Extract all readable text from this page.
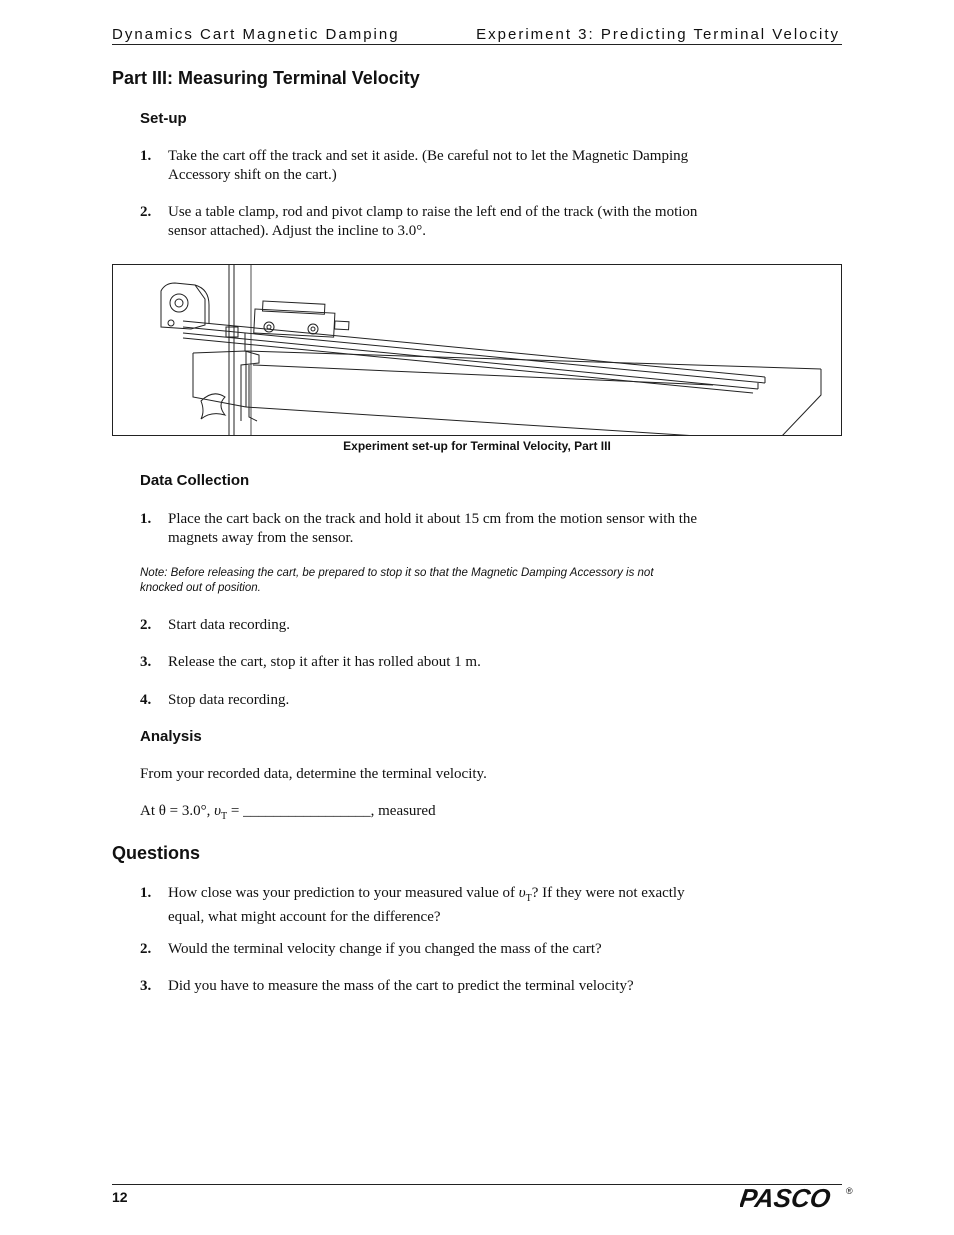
Dynamics Cart Magnetic Damping	Experiment 3: Predicting Terminal Velocity
Part III: Measuring Terminal Velocity
Set-up
1. Take the cart off the track and set it aside. (Be careful not to let the Magnetic Damping Accessory shift on the cart.)
2. Use a table clamp, rod and pivot clamp to raise the left end of the track (with the motion sensor attached). Adjust the incline to 3.0°.
Experiment set-up for Terminal Velocity, Part III
Data Collection
1. Place the cart back on the track and hold it about 15 cm from the motion sensor with the magnets away from the sensor.
Note: Before releasing the cart, be prepared to stop it so that the Magnetic Damping Accessory is not knocked out of position.
2. Start data recording.
3. Release the cart, stop it after it has rolled about 1 m.
4. Stop data recording.
Analysis
From your recorded data, determine the terminal velocity.
At θ = 3.0°, $\upsilon_T$ = _________________, measured
Questions
1. How close was your prediction to your measured value of $\upsilon_T$? If they were not exactly equal, what might account for the difference?
2. Would the terminal velocity change if you changed the mass of the cart?
3. Did you have to measure the mass of the cart to predict the terminal velocity?
12	PASCO ®
